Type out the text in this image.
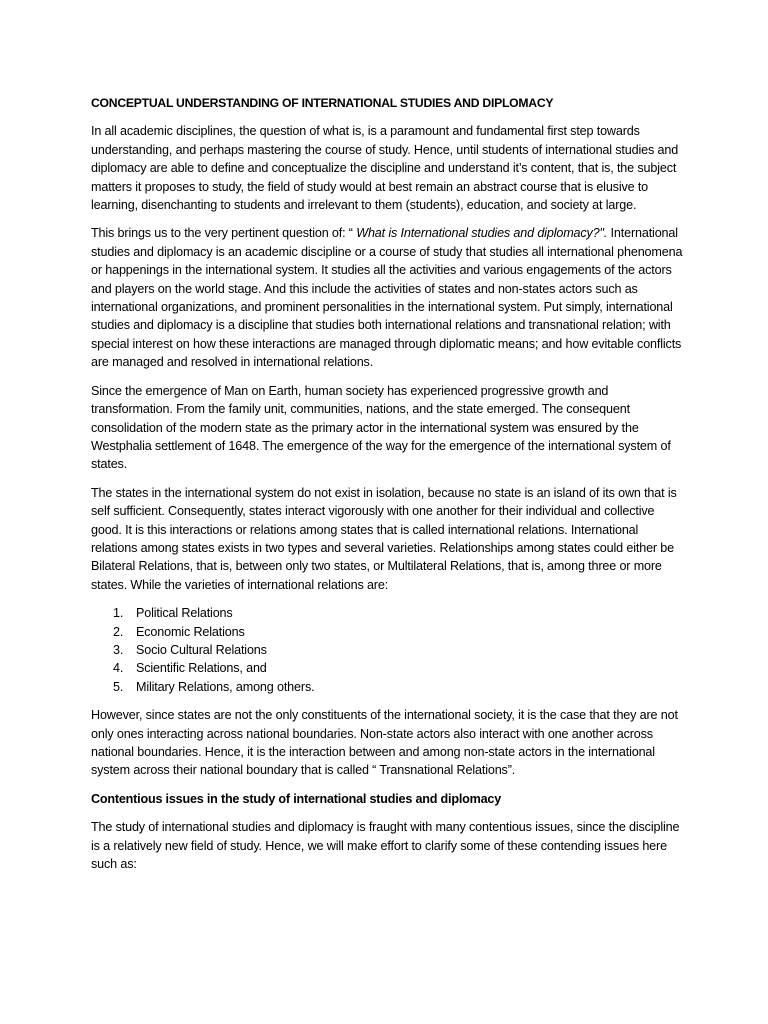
CONCEPTUAL UNDERSTANDING OF INTERNATIONAL STUDIES AND DIPLOMACY

In all academic disciplines, the question of what is, is a paramount and fundamental first step towards understanding, and perhaps mastering the course of study. Hence, until students of international studies and diplomacy are able to define and conceptualize the discipline and understand it’s content, that is, the subject matters it proposes to study, the field of study would at best remain an abstract course that is elusive to learning, disenchanting to students and irrelevant to them (students), education, and society at large.

This brings us to the very pertinent question of: “ What is International studies and diplomacy?". International studies and diplomacy is an academic discipline or a course of study that studies all international phenomena or happenings in the international system. It studies all the activities and various engagements of the actors and players on the world stage. And this include the activities of states and non-states actors such as international organizations, and prominent personalities in the international system. Put simply, international studies and diplomacy is a discipline that studies both international relations and transnational relation; with special interest on how these interactions are managed through diplomatic means; and how evitable conflicts are managed and resolved in international relations.

Since the emergence of Man on Earth, human society has experienced progressive growth and transformation. From the family unit, communities, nations, and the state emerged. The consequent consolidation of the modern state as the primary actor in the international system was ensured by the Westphalia settlement of 1648. The emergence of the way for the emergence of the international system of states.

The states in the international system do not exist in isolation, because no state is an island of its own that is self sufficient. Consequently, states interact vigorously with one another for their individual and collective good. It is this interactions or relations among states that is called international relations. International relations among states exists in two types and several varieties. Relationships among states could either be Bilateral Relations, that is, between only two states, or Multilateral Relations, that is, among three or more states. While the varieties of international relations are:

1. Political Relations
2. Economic Relations
3. Socio Cultural Relations
4. Scientific Relations, and
5. Military Relations, among others.

However, since states are not the only constituents of the international society, it is the case that they are not only ones interacting across national boundaries. Non-state actors also interact with one another across national boundaries. Hence, it is the interaction between and among non-state actors in the international system across their national boundary that is called “ Transnational Relations”.

Contentious issues in the study of international studies and diplomacy

The study of international studies and diplomacy is fraught with many contentious issues, since the discipline is a relatively new field of study. Hence, we will make effort to clarify some of these contending issues here such as:
